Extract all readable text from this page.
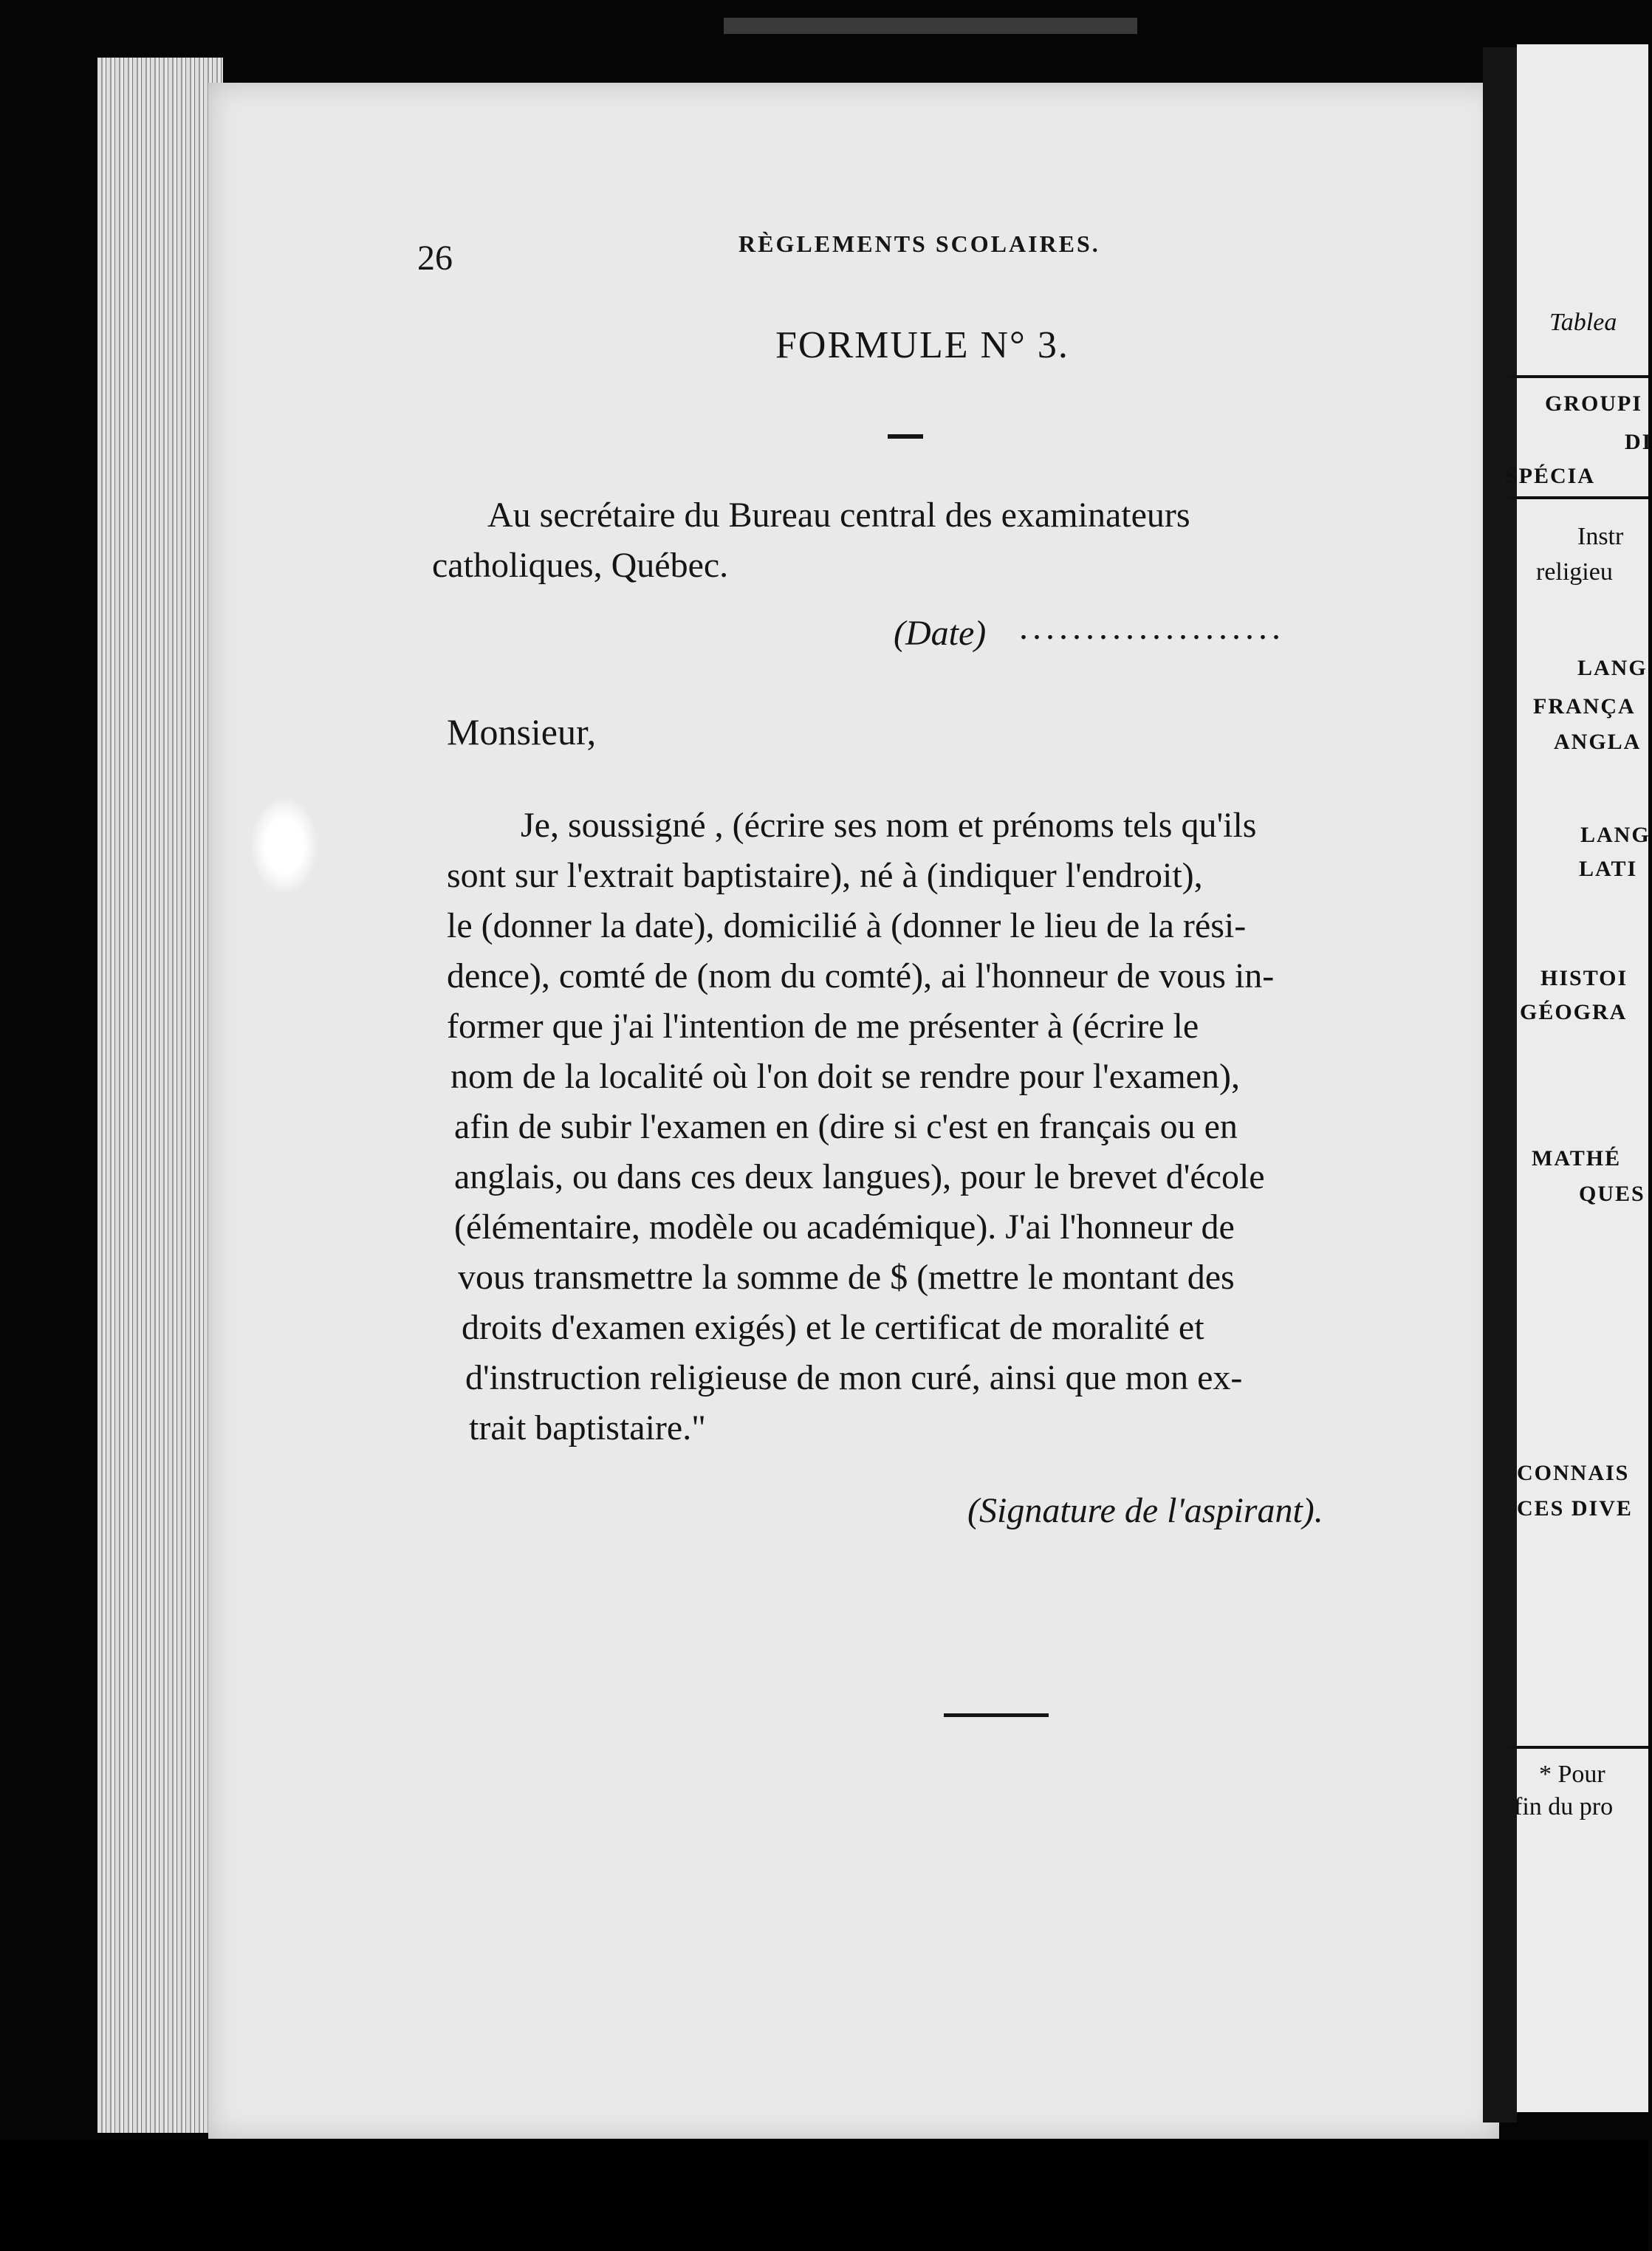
26	RÈGLEMENTS SCOLAIRES.
FORMULE N° 3.
Au secrétaire du Bureau central des examinateurs
catholiques, Québec.
(Date) ....................
Monsieur,
Je, soussigné , (écrire ses nom et prénoms tels qu'ils
sont sur l'extrait baptistaire), né à (indiquer l'endroit),
le (donner la date), domicilié à (donner le lieu de la rési-
dence), comté de (nom du comté), ai l'honneur de vous in-
former que j'ai l'intention de me présenter à (écrire le
nom de la localité où l'on doit se rendre pour l'examen),
afin de subir l'examen en (dire si c'est en français ou en
anglais, ou dans ces deux langues), pour le brevet d'école
(élémentaire, modèle ou académique). J'ai l'honneur de
vous transmettre la somme de $ (mettre le montant des
droits d'examen exigés) et le certificat de moralité et
d'instruction religieuse de mon curé, ainsi que mon ex-
trait baptistaire."
(Signature de l'aspirant).
Tablea
GROUPI
DI
SPÉCIA
Instr
religieu
LANG
FRANÇA
ANGLA
LANG
LATI
HISTOI
GÉOGRA
MATHÉ
QUES
CONNAIS
CES DIVE
* Pour
fin du pro
